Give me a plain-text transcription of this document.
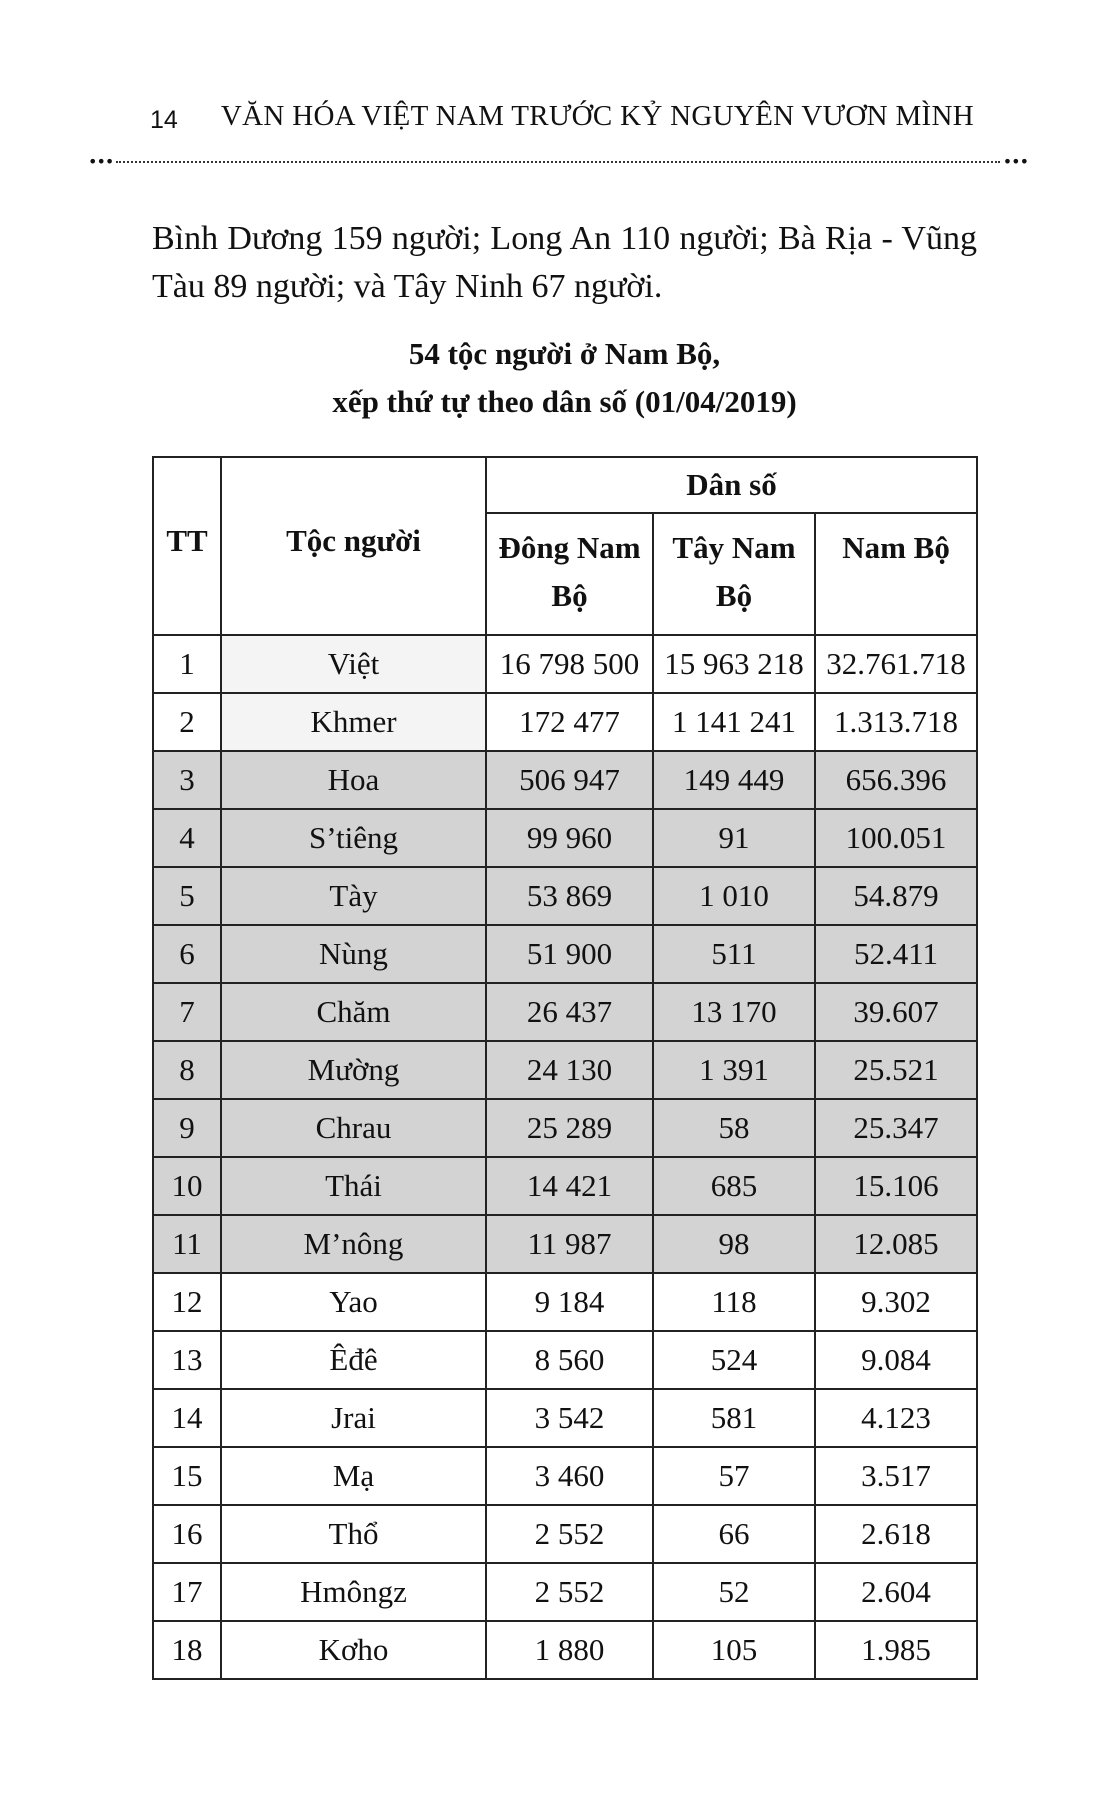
14 VĂN HÓA VIỆT NAM TRƯỚC KỶ NGUYÊN VƯƠN MÌNH
•••	•••
Bình Dương 159 người; Long An 110 người; Bà Rịa - Vũng Tàu 89 người; và Tây Ninh 67 người.
54 tộc người ở Nam Bộ,
xếp thứ tự theo dân số (01/04/2019)
TT	Tộc người	Dân số		
		Đông Nam Bộ	Tây Nam Bộ	Nam Bộ
1	Việt	16 798 500	15 963 218	32.761.718
2	Khmer	172 477	1 141 241	1.313.718
3	Hoa	506 947	149 449	656.396
4	S’tiêng	99 960	91	100.051
5	Tày	53 869	1 010	54.879
6	Nùng	51 900	511	52.411
7	Chăm	26 437	13 170	39.607
8	Mường	24 130	1 391	25.521
9	Chrau	25 289	58	25.347
10	Thái	14 421	685	15.106
11	M’nông	11 987	98	12.085
12	Yao	9 184	118	9.302
13	Êđê	8 560	524	9.084
14	Jrai	3 542	581	4.123
15	Mạ	3 460	57	3.517
16	Thổ	2 552	66	2.618
17	Hmôngz	2 552	52	2.604
18	Kơho	1 880	105	1.985
